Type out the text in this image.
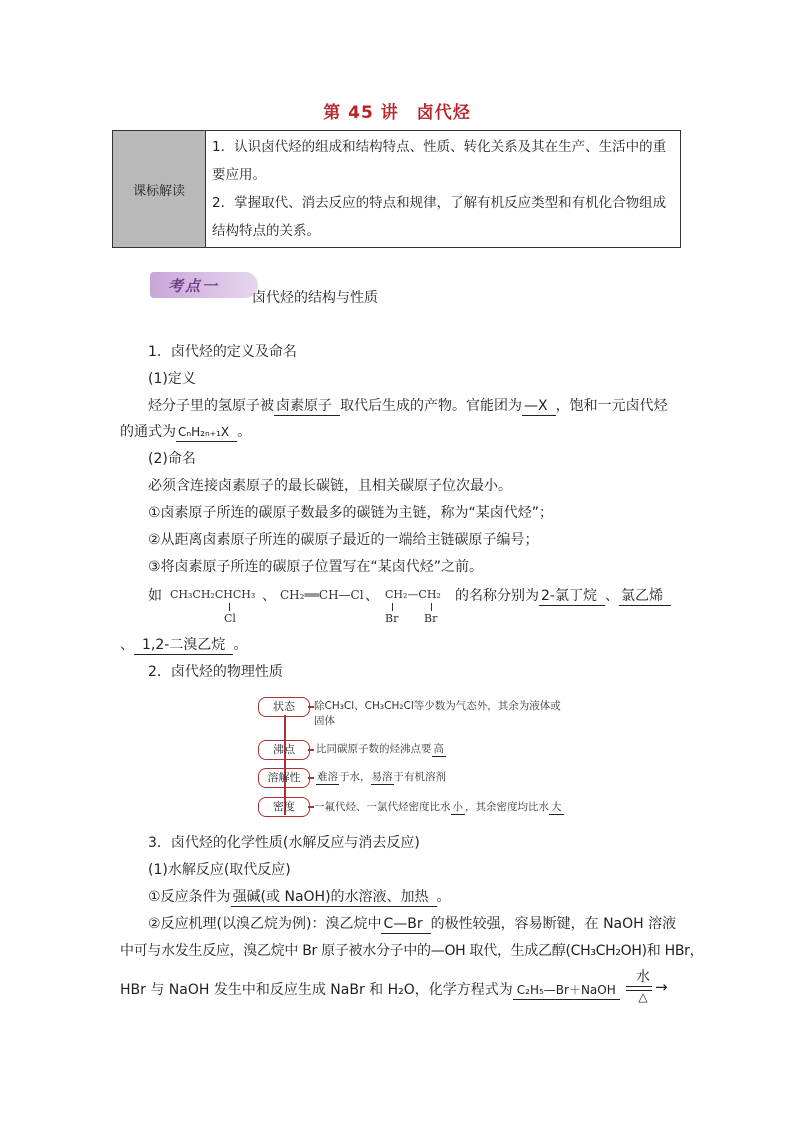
第 45 讲　卤代烃
课标解读	
1．认识卤代烃的组成和结构特点、性质、转化关系及其在生产、生活中的重
要应用。
2．掌握取代、消去反应的特点和规律，了解有机反应类型和有机化合物组成
结构特点的关系。
考点一
卤代烃的结构与性质
1．卤代烃的定义及命名
(1)定义
烃分子里的氢原子被 卤素原子 取代后生成的产物。官能团为 —X ，饱和一元卤代烃
的通式为 CₙH₂ₙ₊₁X 。
(2)命名
必须含连接卤素原子的最长碳链，且相关碳原子位次最小。
①卤素原子所连的碳原子数最多的碳链为主链，称为“某卤代烃”；
②从距离卤素原子所连的碳原子最近的一端给主链碳原子编号；
③将卤素原子所连的碳原子位置写在“某卤代烃”之前。
如 CH₃CH₂CHCH₃
Cl
、 CH₂══CH—Cl 、 CH₂—CH₂
Br Br
的名称分别为 2-氯丁烷 、 氯乙烯
、 1,2-二溴乙烷 。
2．卤代烃的物理性质
状态	除CH₃Cl、CH₃CH₂Cl等少数为气态外，其余为液体或
固体
沸点	比同碳原子数的烃沸点要 高
溶解性	难溶于水，易溶于有机溶剂
密度	一氟代烃、一氯代烃密度比水 小 ，其余密度均比水 大
3．卤代烃的化学性质(水解反应与消去反应)
(1)水解反应(取代反应)
①反应条件为 强碱(或 NaOH)的水溶液、加热 。
②反应机理(以溴乙烷为例)：溴乙烷中 C—Br 的极性较强，容易断键，在 NaOH 溶液
中可与水发生反应，溴乙烷中 Br 原子被水分子中的—OH 取代，生成乙醇(CH₃CH₂OH)和 HBr，
HBr 与 NaOH 发生中和反应生成 NaBr 和 H₂O，化学方程式为 C₂H₅—Br＋NaOH
水
△
→
